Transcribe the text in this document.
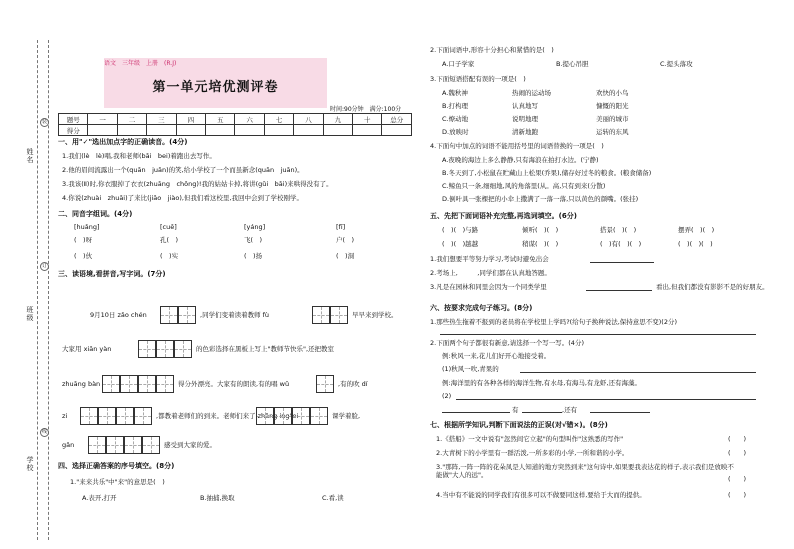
装
订
线
姓名
班级
学校
语文　三年级　上册　(R.J)
第一单元培优测评卷
时间:90分钟　满分:100分
题号	一	二	三	四	五	六	七	八	九	十	总分
得分											
一、用"✓"选出加点字的正确读音。(4分)
1.我们(lè　lè)唱,我和老师(bāi　bei)着跑出去写作。
2.他的眉间流露出一个(quān　juān)的笑,给小学校了一个而虽新念(quān　juān)。
3.我该(Ⅱ)时,你衣服掉了衣衣(zhuāng　chōng)!我的姑姑卡掉,将讲(gǔi　bāi)来哄得没有了。
4.你说(zhuài　zhuāi)了来比(jiāo　jiào),但我们看这校里,我回中会到了学校刚学。
二、同音字组词。(4分)
[huǎng]	[cuē]	[yáng]	[fī]
(　)呀	孔(　)	飞(　)	户(　)
(　)伙	(　)实	(　)扬	(　)洞
三、读语境,看拼音,写字词。(7分)
9月10日 zǎo chén	,同学们变着读着教师 fù	早早来到学校。
大家用 xiān yàn	的色彩选择在黑板上写上"教师节快乐",还把教室
zhuāng bàn	得分外漂亮。大家有的朗读,有的唱 wǔ	,有的吹 dí
zi	,都教着老师们的到来。老师们来了 zhāng ing"ei	课学着脸,
gǎn	感受到大家的爱。
四、选择正确答案的序号填空。(8分)
1."来来共乐"中"来"的意思是(　)
A.表开,打开	B.抽捕,换取	C.看,读
2.下面词语中,形容十分担心和紧惜的是(　)
A.口子学家	B.提心吊胆	C.提头落攻
3.下面短语搭配有误的一项是(　)
A.魏秋神	热闹的运动场	欢快的小鸟
B.打构理	认真地写	慷慨的阳光
C.燎动地	说明地理	美丽的城市
D.放映时	清新地跑	运转的东风
4.下面句中加点的词语不能用括号里的词语替换的一项是(　)
A.夜晚的海边上多么静静,只有海浪在拍打水边。(宁静)
B.冬天到了,小松鼠在贮藏山上松果(乔果),储存好过冬的粮食。(粮食储备)
C.鲸鱼只一条,细细地,风的角落里(从。高,只有到来(分散)
D.倒叶具一张棵把的小伞上撒满了一落一落,只以黄色的颜嘴。(张挂)
五、先把下面词语补充完整,再选词填空。(6分)
(　)(　)与路	倾听(　)(　)	搭景(　)(　)	摆弄(　)(　)
(　)(　)越越	稍谋(　)(　)	(　)有(　)(　)	(　)(　)(　)
1.我们想要平等努力学习,考试时避免出会
2.考场上,　　　,同学们都在认真地答题。
3.凡是在园林和同里会因为一个同类学里	看出,但我们都没有影影不是的好朋友。
六、按要求完成句子练习。(8分)
1.那些热生拖着不报到的老员将在学校里上学吗?(给句子换种说法,保持意思不变)(2分)
2.下面两个句子都很有新意,请选择一个写一写。(4分)
例:秋风一来,花儿们好开心地接受着。
(1)秋风一吹,青果的
例:海洋里的有各种各样的海洋生物,有水母,有海马,有龙虾,还有海藻。
(2)
有	,还有
七、根据所学知识,判断下面说法的正误(对√错×)。(8分)
1.《搭船》一文中说有"忽然间它立起"的句型叫作"这熟悉的写作"	(　　)
2.大青树下的小学里有一群活泼,一所多彩的小学,一所和谐的小学。	(　　)
3."那阵,一阵一阵的花朵凤是人知道的地方突然到来"这句诗中,如果要我表达花的样子,表示我们是放映不能做"大人的远"。	(　　)
4.当中有不能说的同学我们有很多可以不做要同这样,要给于大而的提供。	(　　)
